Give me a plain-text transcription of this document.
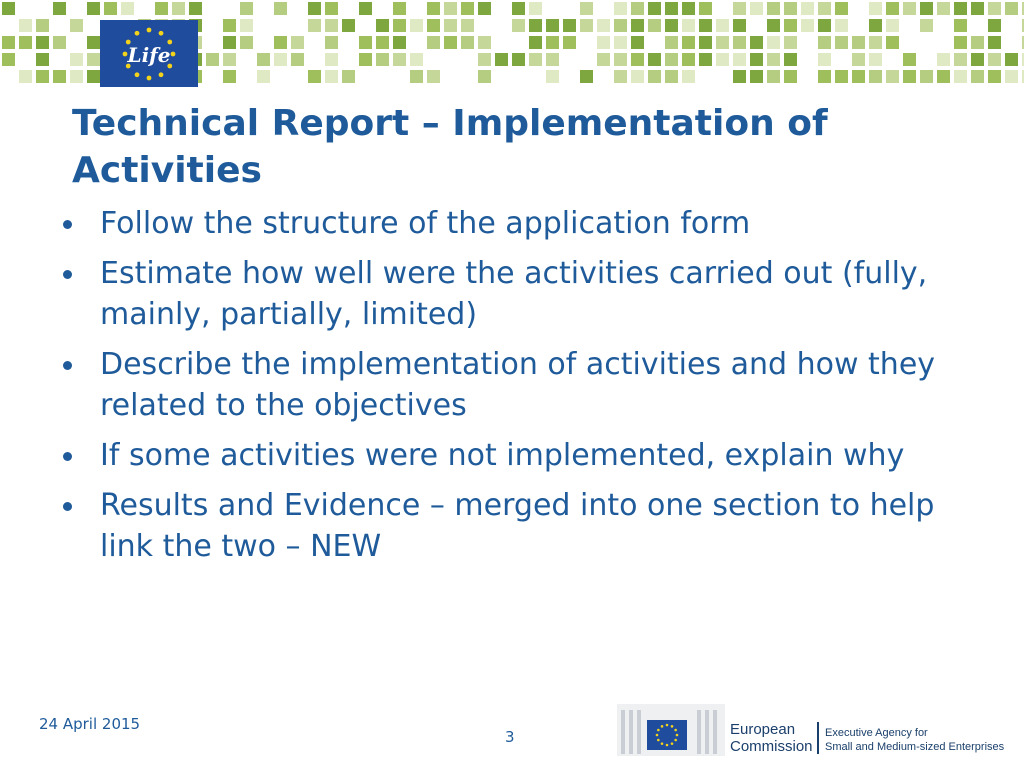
Life
Technical Report – Implementation of Activities
Follow the structure of the application form
Estimate how well were the activities carried out (fully, mainly, partially, limited)
Describe the implementation of activities and how they related to the objectives
If some activities were not implemented, explain why
Results and Evidence – merged into one section to help link the two – NEW
24 April 2015
3	European
Commission
Executive Agency for
Small and Medium-sized Enterprises
